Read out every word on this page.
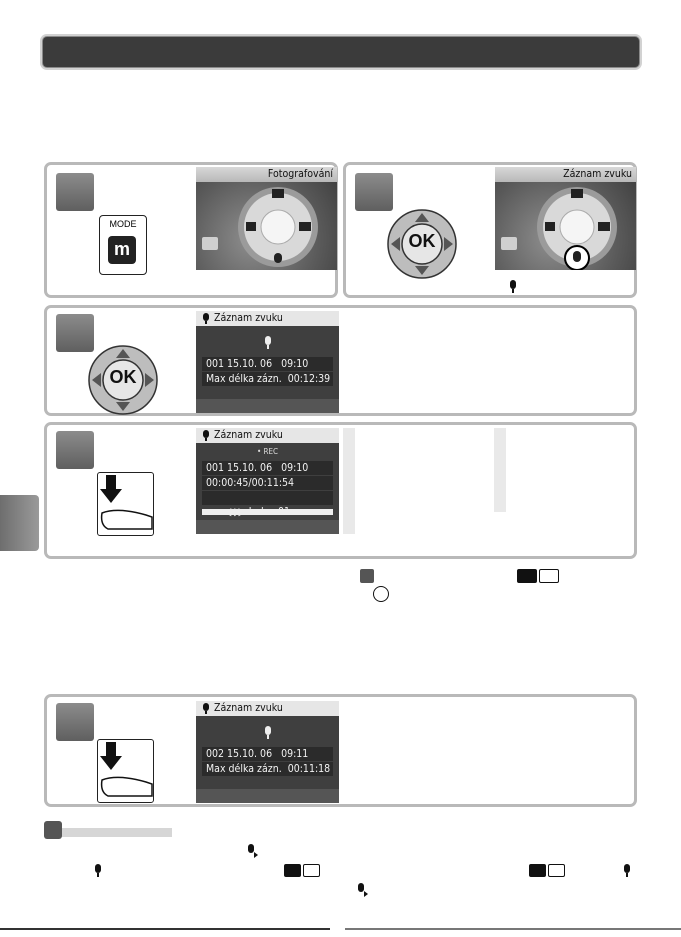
MODE
m
Fotografování
OK
Záznam zvuku
OK
Záznam zvuku
001 15.10. 06   09:10
Max délka zázn.  00:12:39
Záznam zvuku
• REC
001 15.10. 06   09:10
00:00:45/00:11:54

Záznam zvuku
002 15.10. 06   09:11
Max délka zázn.  00:11:18
